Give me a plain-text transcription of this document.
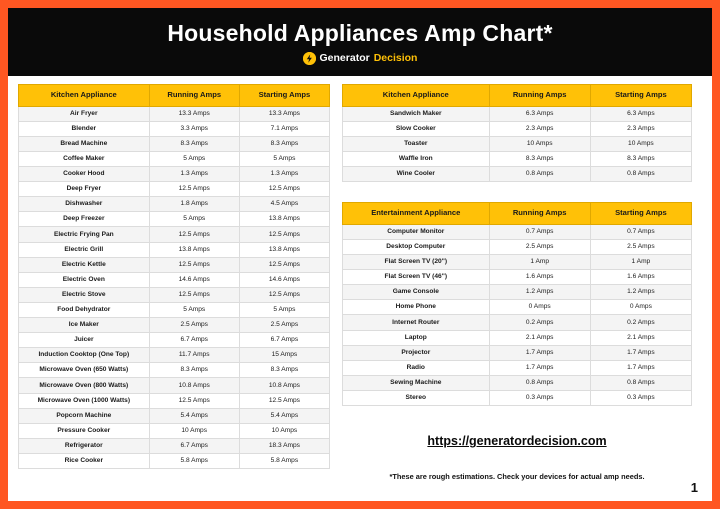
Household Appliances Amp Chart*
Generator Decision
Kitchen Appliance	Running Amps	Starting Amps
Air Fryer	13.3 Amps	13.3 Amps
Blender	3.3 Amps	7.1 Amps
Bread Machine	8.3 Amps	8.3 Amps
Coffee Maker	5 Amps	5 Amps
Cooker Hood	1.3 Amps	1.3 Amps
Deep Fryer	12.5 Amps	12.5 Amps
Dishwasher	1.8 Amps	4.5 Amps
Deep Freezer	5 Amps	13.8 Amps
Electric Frying Pan	12.5 Amps	12.5 Amps
Electric Grill	13.8 Amps	13.8 Amps
Electric Kettle	12.5 Amps	12.5 Amps
Electric Oven	14.6 Amps	14.6 Amps
Electric Stove	12.5 Amps	12.5 Amps
Food Dehydrator	5 Amps	5 Amps
Ice Maker	2.5 Amps	2.5 Amps
Juicer	6.7 Amps	6.7 Amps
Induction Cooktop (One Top)	11.7 Amps	15 Amps
Microwave Oven (650 Watts)	8.3 Amps	8.3 Amps
Microwave Oven (800 Watts)	10.8 Amps	10.8 Amps
Microwave Oven (1000 Watts)	12.5 Amps	12.5 Amps
Popcorn Machine	5.4 Amps	5.4 Amps
Pressure Cooker	10 Amps	10 Amps
Refrigerator	6.7 Amps	18.3 Amps
Rice Cooker	5.8 Amps	5.8 Amps
Kitchen Appliance	Running Amps	Starting Amps
Sandwich Maker	6.3 Amps	6.3 Amps
Slow Cooker	2.3 Amps	2.3 Amps
Toaster	10 Amps	10 Amps
Waffle Iron	8.3 Amps	8.3 Amps
Wine Cooler	0.8 Amps	0.8 Amps
Entertainment Appliance	Running Amps	Starting Amps
Computer Monitor	0.7 Amps	0.7 Amps
Desktop Computer	2.5 Amps	2.5 Amps
Flat Screen TV (20")	1 Amp	1 Amp
Flat Screen TV (46")	1.6 Amps	1.6 Amps
Game Console	1.2 Amps	1.2 Amps
Home Phone	0 Amps	0 Amps
Internet Router	0.2 Amps	0.2 Amps
Laptop	2.1 Amps	2.1 Amps
Projector	1.7 Amps	1.7 Amps
Radio	1.7 Amps	1.7 Amps
Sewing Machine	0.8 Amps	0.8 Amps
Stereo	0.3 Amps	0.3 Amps
https://generatordecision.com
*These are rough estimations. Check your devices for actual amp needs.
1
